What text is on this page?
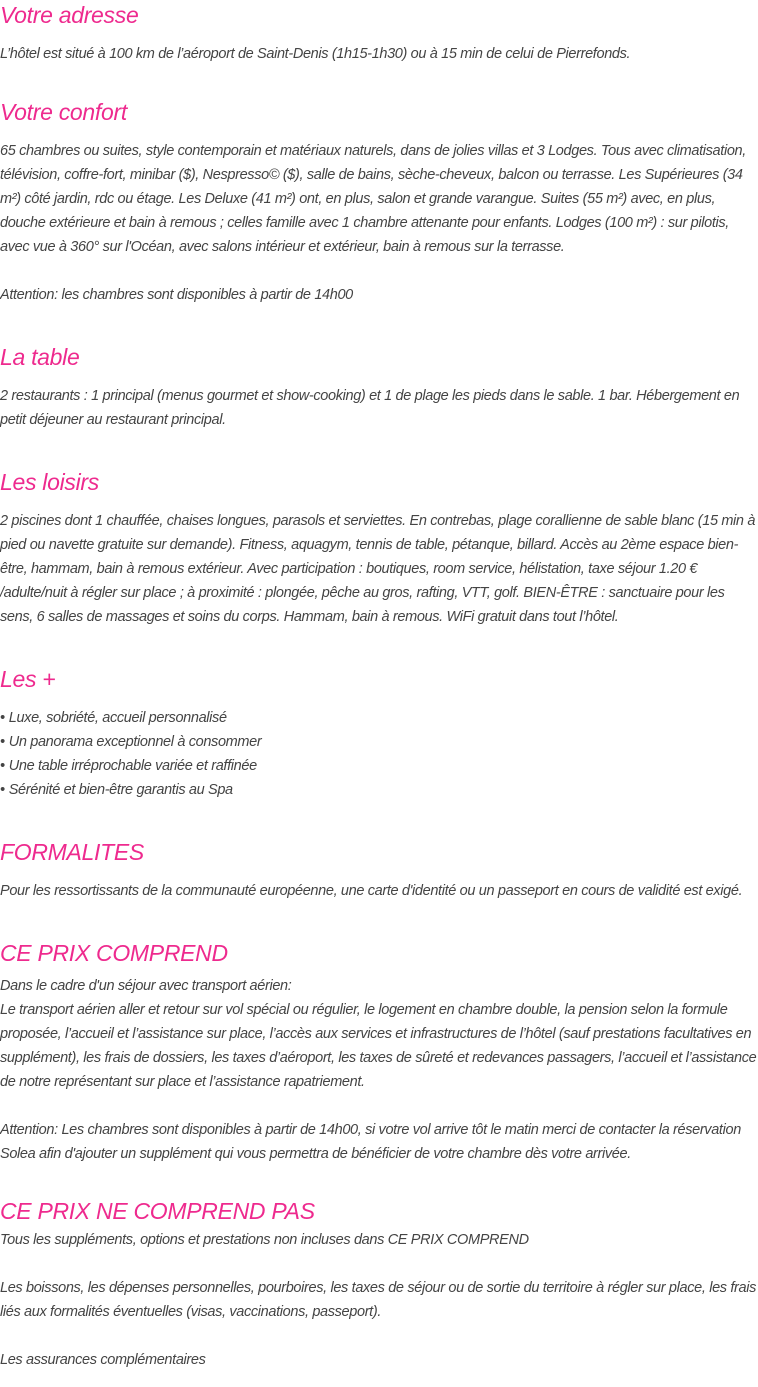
Votre adresse

L’hôtel est situé à 100 km de l’aéroport de Saint-Denis (1h15-1h30) ou à 15 min de celui de Pierrefonds.

Votre confort

65 chambres ou suites, style contemporain et matériaux naturels, dans de jolies villas et 3 Lodges. Tous avec climatisation, télévision, coffre-fort, minibar ($), Nespresso© ($), salle de bains, sèche-cheveux, balcon ou terrasse. Les Supérieures (34 m²) côté jardin, rdc ou étage. Les Deluxe (41 m²) ont, en plus, salon et grande varangue. Suites (55 m²) avec, en plus, douche extérieure et bain à remous ; celles famille avec 1 chambre attenante pour enfants. Lodges (100 m²) : sur pilotis, avec vue à 360° sur l'Océan, avec salons intérieur et extérieur, bain à remous sur la terrasse.

Attention: les chambres sont disponibles à partir de 14h00

La table

2 restaurants : 1 principal (menus gourmet et show-cooking) et 1 de plage les pieds dans le sable. 1 bar. Hébergement en petit déjeuner au restaurant principal.

Les loisirs

2 piscines dont 1 chauffée, chaises longues, parasols et serviettes. En contrebas, plage corallienne de sable blanc (15 min à pied ou navette gratuite sur demande). Fitness, aquagym, tennis de table, pétanque, billard. Accès au 2ème espace bien-être, hammam, bain à remous extérieur. Avec participation : boutiques, room service, hélistation, taxe séjour 1.20 € /adulte/nuit à régler sur place ; à proximité : plongée, pêche au gros, rafting, VTT, golf. BIEN-ÊTRE : sanctuaire pour les sens, 6 salles de massages et soins du corps. Hammam, bain à remous. WiFi gratuit dans tout l’hôtel.

Les +
• Luxe, sobriété, accueil personnalisé
• Un panorama exceptionnel à consommer
• Une table irréprochable variée et raffinée
• Sérénité et bien-être garantis au Spa
FORMALITES

Pour les ressortissants de la communauté européenne, une carte d'identité ou un passeport en cours de validité est exigé.

CE PRIX COMPREND

Dans le cadre d'un séjour avec transport aérien:

Le transport aérien aller et retour sur vol spécial ou régulier, le logement en chambre double, la pension selon la formule proposée, l’accueil et l’assistance sur place, l’accès aux services et infrastructures de l’hôtel (sauf prestations facultatives en supplément), les frais de dossiers, les taxes d’aéroport, les taxes de sûreté et redevances passagers, l’accueil et l’assistance de notre représentant sur place et l’assistance rapatriement.

Attention: Les chambres sont disponibles à partir de 14h00, si votre vol arrive tôt le matin merci de contacter la réservation Solea afin d'ajouter un supplément qui vous permettra de bénéficier de votre chambre dès votre arrivée.

CE PRIX NE COMPREND PAS

Tous les suppléments, options et prestations non incluses dans CE PRIX COMPREND

Les boissons, les dépenses personnelles, pourboires, les taxes de séjour ou de sortie du territoire à régler sur place, les frais liés aux formalités éventuelles (visas, vaccinations, passeport).

Les assurances complémentaires
